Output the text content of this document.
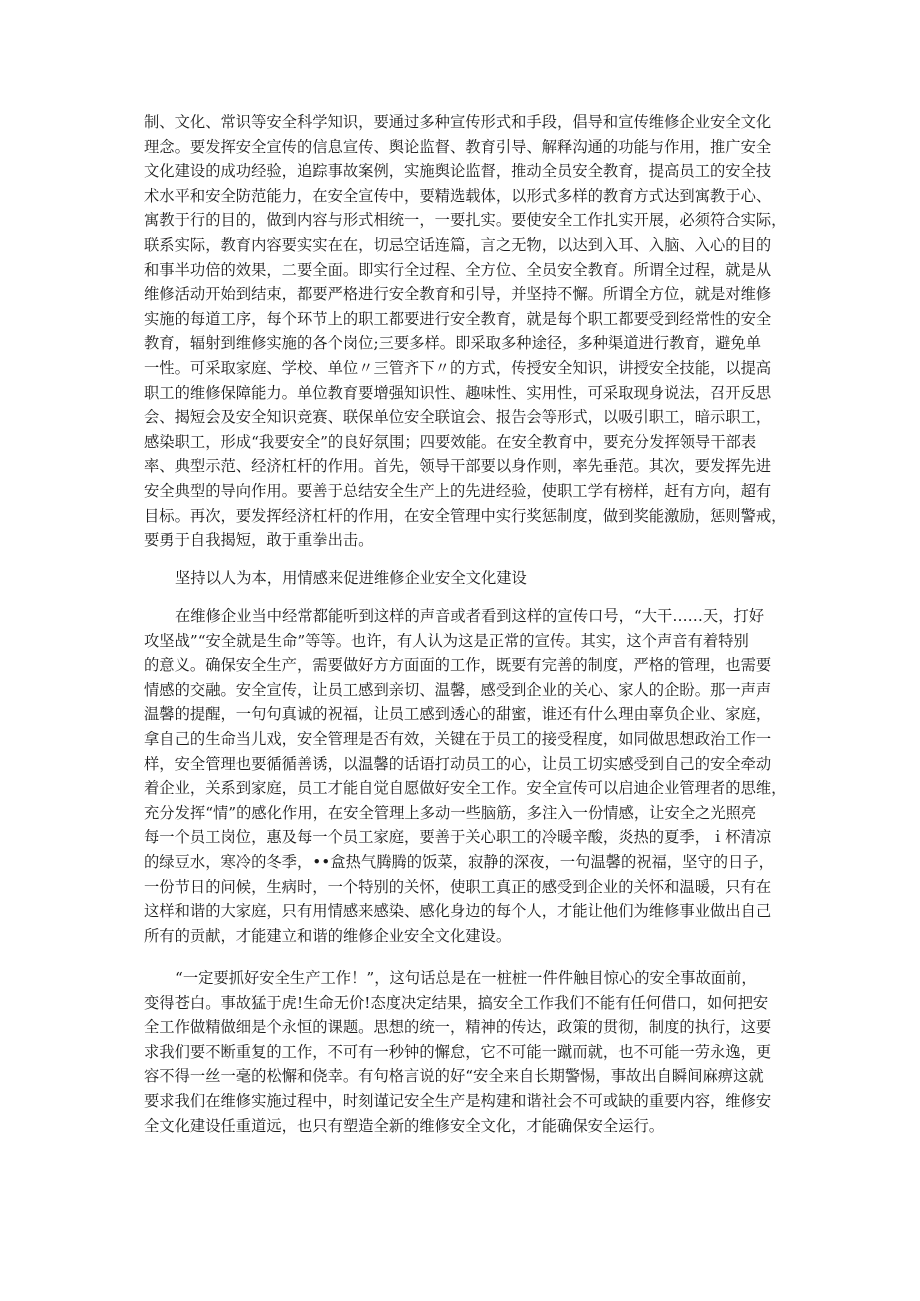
制、文化、常识等安全科学知识，要通过多种宣传形式和手段，倡导和宣传维修企业安全文化
理念。要发挥安全宣传的信息宣传、舆论监督、教育引导、解释沟通的功能与作用，推广安全
文化建设的成功经验，追踪事故案例，实施舆论监督，推动全员安全教育，提高员工的安全技
术水平和安全防范能力，在安全宣传中，要精选载体，以形式多样的教育方式达到寓教于心、
寓教于行的目的，做到内容与形式相统一，一要扎实。要使安全工作扎实开展，必须符合实际，
联系实际，教育内容要实实在在，切忌空话连篇，言之无物，以达到入耳、入脑、入心的目的
和事半功倍的效果，二要全面。即实行全过程、全方位、全员安全教育。所谓全过程，就是从
维修活动开始到结束，都要严格进行安全教育和引导，并坚持不懈。所谓全方位，就是对维修
实施的每道工序，每个环节上的职工都要进行安全教育，就是每个职工都要受到经常性的安全
教育，辐射到维修实施的各个岗位;三要多样。即采取多种途径，多种渠道进行教育，避免单
一性。可采取家庭、学校、单位〃三管齐下〃的方式，传授安全知识，讲授安全技能，以提高
职工的维修保障能力。单位教育要增强知识性、趣味性、实用性，可采取现身说法，召开反思
会、揭短会及安全知识竞赛、联保单位安全联谊会、报告会等形式，以吸引职工，暗示职工，
感染职工，形成“我要安全”的良好氛围；四要效能。在安全教育中，要充分发挥领导干部表
率、典型示范、经济杠杆的作用。首先，领导干部要以身作则，率先垂范。其次，要发挥先进
安全典型的导向作用。要善于总结安全生产上的先进经验，使职工学有榜样，赶有方向，超有
目标。再次，要发挥经济杠杆的作用，在安全管理中实行奖惩制度，做到奖能激励，惩则警戒，
要勇于自我揭短，敢于重拳出击。
坚持以人为本，用情感来促进维修企业安全文化建设
在维修企业当中经常都能听到这样的声音或者看到这样的宣传口号，“大干……天，打好
攻坚战”“安全就是生命”等等。也许，有人认为这是正常的宣传。其实，这个声音有着特别
的意义。确保安全生产，需要做好方方面面的工作，既要有完善的制度，严格的管理，也需要
情感的交融。安全宣传，让员工感到亲切、温馨，感受到企业的关心、家人的企盼。那一声声
温馨的提醒，一句句真诚的祝福，让员工感到透心的甜蜜，谁还有什么理由辜负企业、家庭，
拿自己的生命当儿戏，安全管理是否有效，关键在于员工的接受程度，如同做思想政治工作一
样，安全管理也要循循善诱，以温馨的话语打动员工的心，让员工切实感受到自己的安全牵动
着企业，关系到家庭，员工才能自觉自愿做好安全工作。安全宣传可以启迪企业管理者的思维，
充分发挥“情”的感化作用，在安全管理上多动一些脑筋，多注入一份情感，让安全之光照亮
每一个员工岗位，惠及每一个员工家庭，要善于关心职工的冷暖辛酸，炎热的夏季，ｉ杯清凉
的绿豆水，寒冷的冬季，••盒热气腾腾的饭菜，寂静的深夜，一句温馨的祝福，坚守的日子，
一份节日的问候，生病时，一个特别的关怀，使职工真正的感受到企业的关怀和温暖，只有在
这样和谐的大家庭，只有用情感来感染、感化身边的每个人，才能让他们为维修事业做出自己
所有的贡献，才能建立和谐的维修企业安全文化建设。
“一定要抓好安全生产工作！”，这句话总是在一桩桩一件件触目惊心的安全事故面前，
变得苍白。事故猛于虎!生命无价!态度决定结果，搞安全工作我们不能有任何借口，如何把安
全工作做精做细是个永恒的课题。思想的统一，精神的传达，政策的贯彻，制度的执行，这要
求我们要不断重复的工作，不可有一秒钟的懈怠，它不可能一蹴而就，也不可能一劳永逸，更
容不得一丝一毫的松懈和侥幸。有句格言说的好“安全来自长期警惕，事故出自瞬间麻痹这就
要求我们在维修实施过程中，时刻谨记安全生产是构建和谐社会不可或缺的重要内容，维修安
全文化建设任重道远，也只有塑造全新的维修安全文化，才能确保安全运行。
